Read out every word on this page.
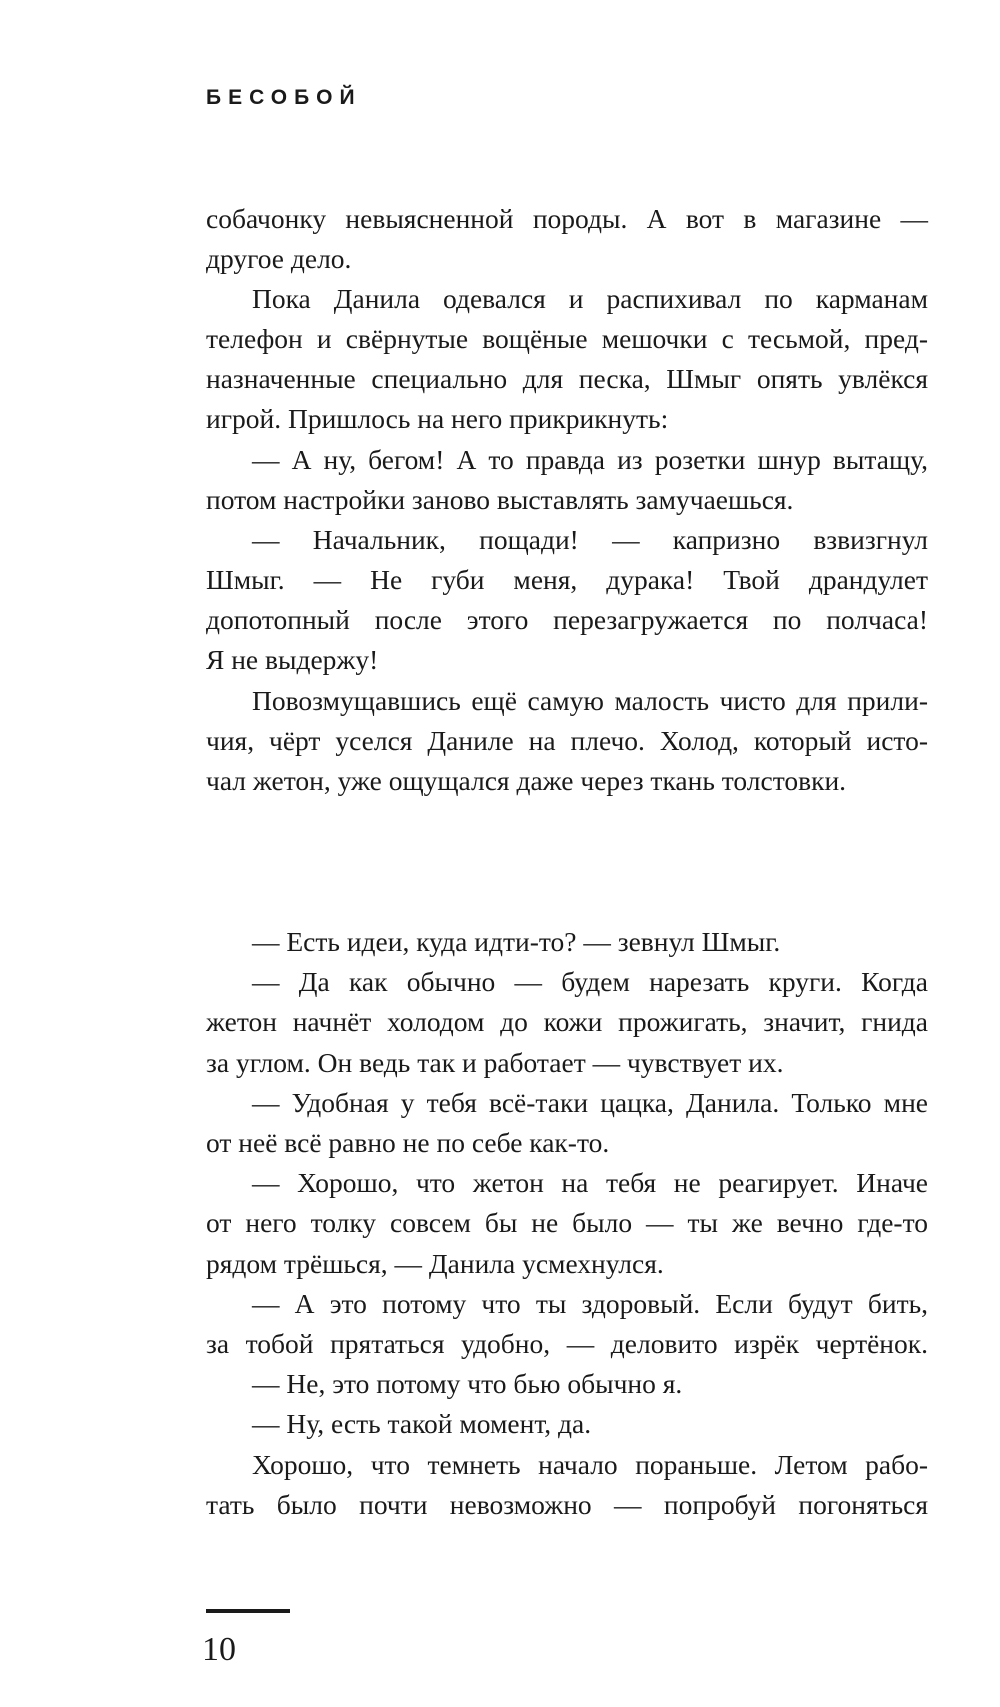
БЕСОБОЙ
собачонку невыясненной породы. А вот в магазине —
другое дело.
Пока Данила одевался и распихивал по карманам
телефон и свёрнутые вощёные мешочки с тесьмой, пред-
назначенные специально для песка, Шмыг опять увлёкся
игрой. Пришлось на него прикрикнуть:
— А ну, бегом! А то правда из розетки шнур вытащу,
потом настройки заново выставлять замучаешься.
— Начальник, пощади! — капризно взвизгнул
Шмыг. — Не губи меня, дурака! Твой драндулет
допотопный после этого перезагружается по полчаса!
Я не выдержу!
Повозмущавшись ещё самую малость чисто для прили-
чия, чёрт уселся Даниле на плечо. Холод, который исто-
чал жетон, уже ощущался даже через ткань толстовки.
— Есть идеи, куда идти-то? — зевнул Шмыг.
— Да как обычно — будем нарезать круги. Когда
жетон начнёт холодом до кожи прожигать, значит, гнида
за углом. Он ведь так и работает — чувствует их.
— Удобная у тебя всё-таки цацка, Данила. Только мне
от неё всё равно не по себе как-то.
— Хорошо, что жетон на тебя не реагирует. Иначе
от него толку совсем бы не было — ты же вечно где-то
рядом трёшься, — Данила усмехнулся.
— А это потому что ты здоровый. Если будут бить,
за тобой прятаться удобно, — деловито изрёк чертёнок.
— Не, это потому что бью обычно я.
— Ну, есть такой момент, да.
Хорошо, что темнеть начало пораньше. Летом рабо-
тать было почти невозможно — попробуй погоняться
10
